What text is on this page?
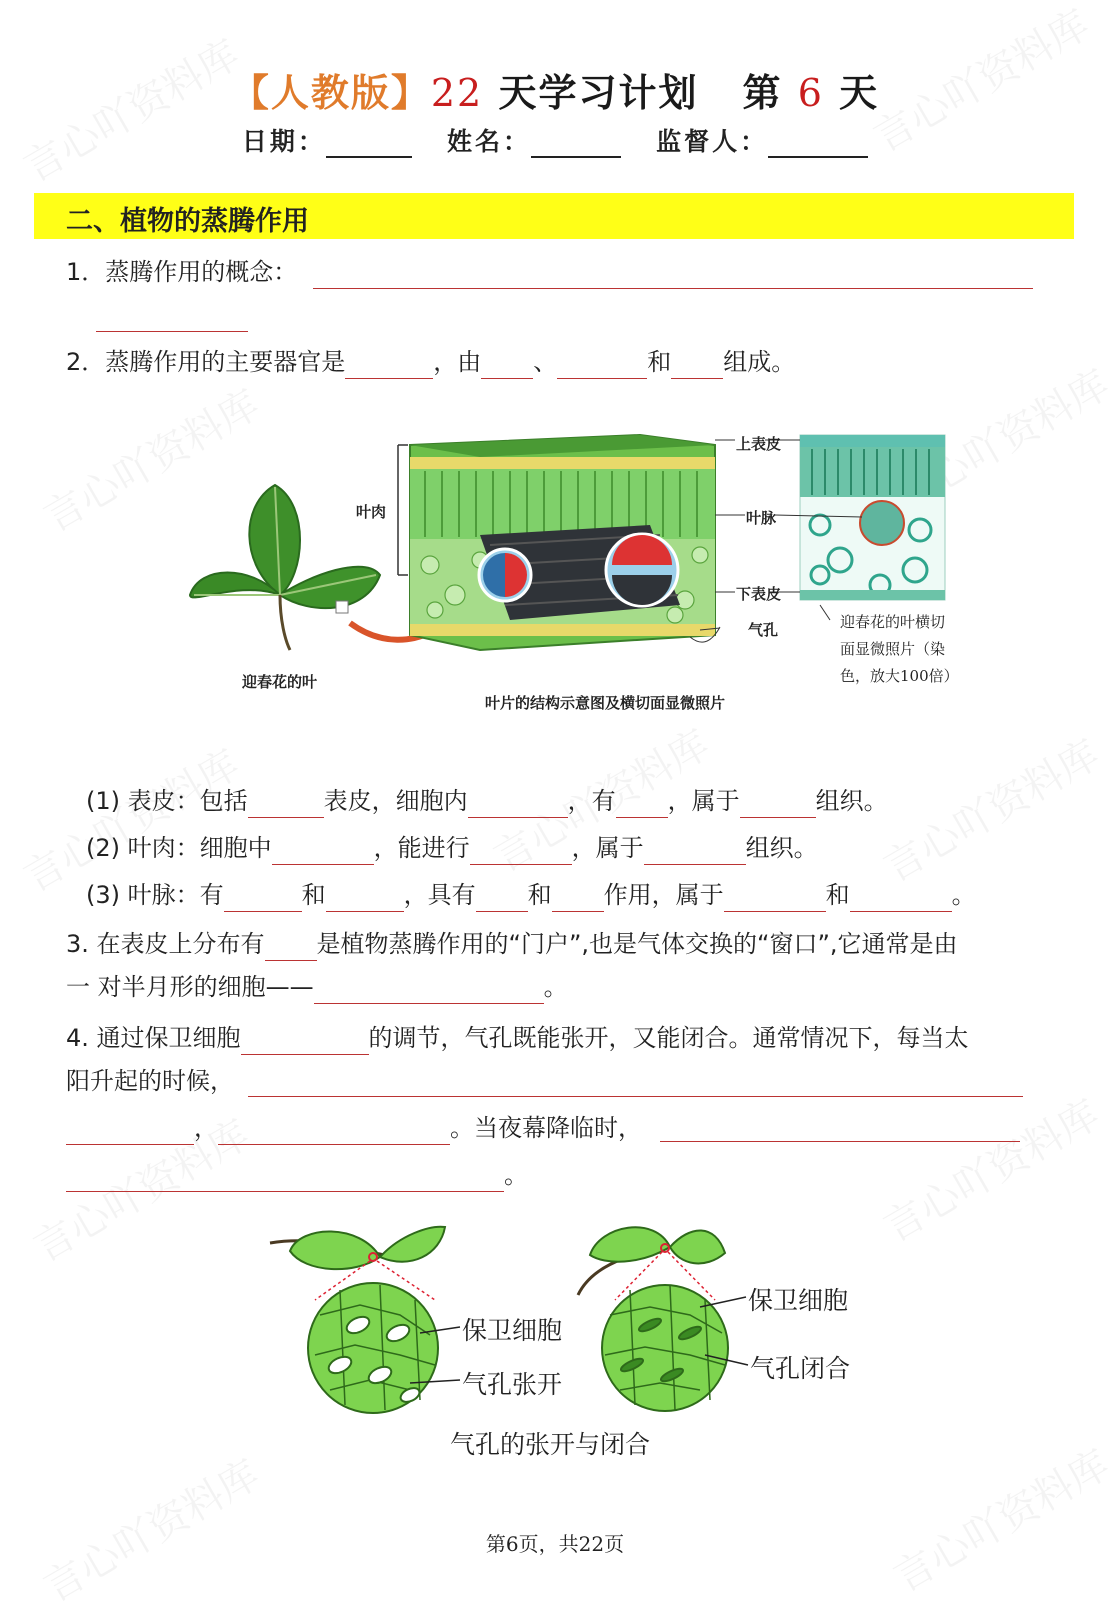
【人教版】22 天学习计划 第 6 天
日期：	姓名：	监督人：
二、植物的蒸腾作用
1．蒸腾作用的概念：
2．蒸腾作用的主要器官是	，由 、	和 组成。
叶肉
上表皮
叶脉
下表皮
气孔
迎春花的叶
迎春花的叶横切
面显微照片（染
色，放大100倍）
叶片的结构示意图及横切面显微照片
(1) 表皮：包括	表皮，细胞内	，有 ，属于	组织。
(2) 叶肉：细胞中	，能进行	，属于	组织。
(3) 叶脉：有	和	，具有 和 作用，属于	和	。
3. 在表皮上分布有 是植物蒸腾作用的“门户”,也是气体交换的“窗口”,它通常是由
一 对半月形的细胞——	。
4. 通过保卫细胞	的调节，气孔既能张开，又能闭合。通常情况下，每当太
阳升起的时候，
，	。当夜幕降临时，
。
保卫细胞
气孔张开
保卫细胞
气孔闭合
气孔的张开与闭合
第6页，共22页
